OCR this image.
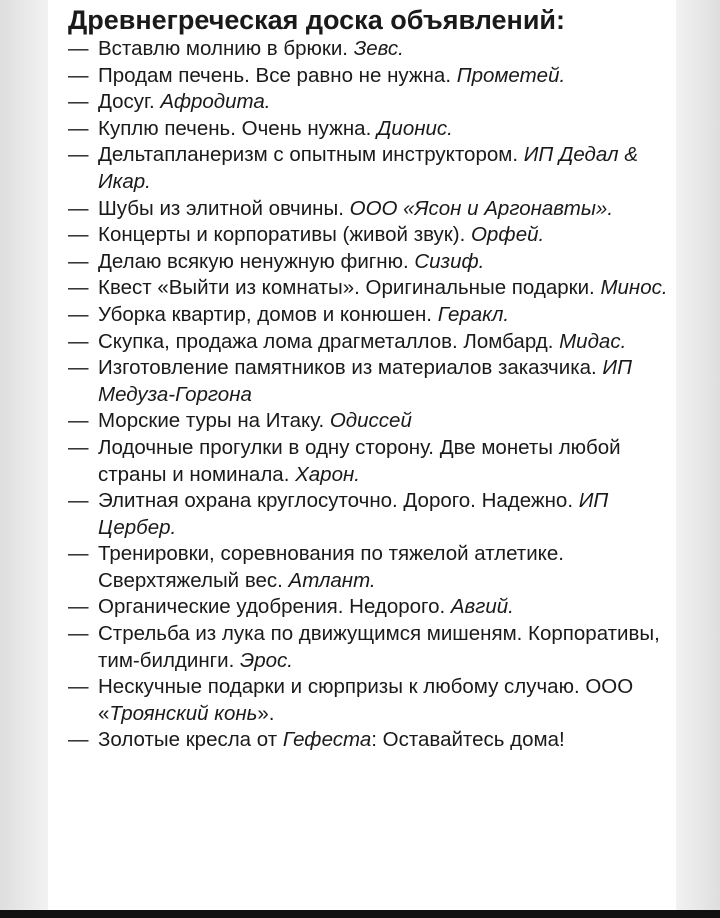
Древнегреческая доска объявлений:
— Вставлю молнию в брюки. Зевс.
— Продам печень. Все равно не нужна. Прометей.
— Досуг. Афродита.
— Куплю печень. Очень нужна. Дионис.
— Дельтапланеризм с опытным инструктором. ИП Дедал & Икар.
— Шубы из элитной овчины. ООО «Ясон и Аргонавты».
— Концерты и корпоративы (живой звук). Орфей.
— Делаю всякую ненужную фигню. Сизиф.
— Квест «Выйти из комнаты». Оригинальные подарки. Минос.
— Уборка квартир, домов и конюшен. Геракл.
— Скупка, продажа лома драгметаллов. Ломбард. Мидас.
— Изготовление памятников из материалов заказчика. ИП Медуза-Горгона
— Морские туры на Итаку. Одиссей
— Лодочные прогулки в одну сторону. Две монеты любой страны и номинала. Харон.
— Элитная охрана круглосуточно. Дорого. Надежно. ИП Цербер.
— Тренировки, соревнования по тяжелой атлетике. Сверхтяжелый вес. Атлант.
— Органические удобрения. Недорого. Авгий.
— Стрельба из лука по движущимся мишеням. Корпоративы, тим-билдинги. Эрос.
— Нескучные подарки и сюрпризы к любому случаю. ООО «Троянский конь».
— Золотые кресла от Гефеста: Оставайтесь дома!
